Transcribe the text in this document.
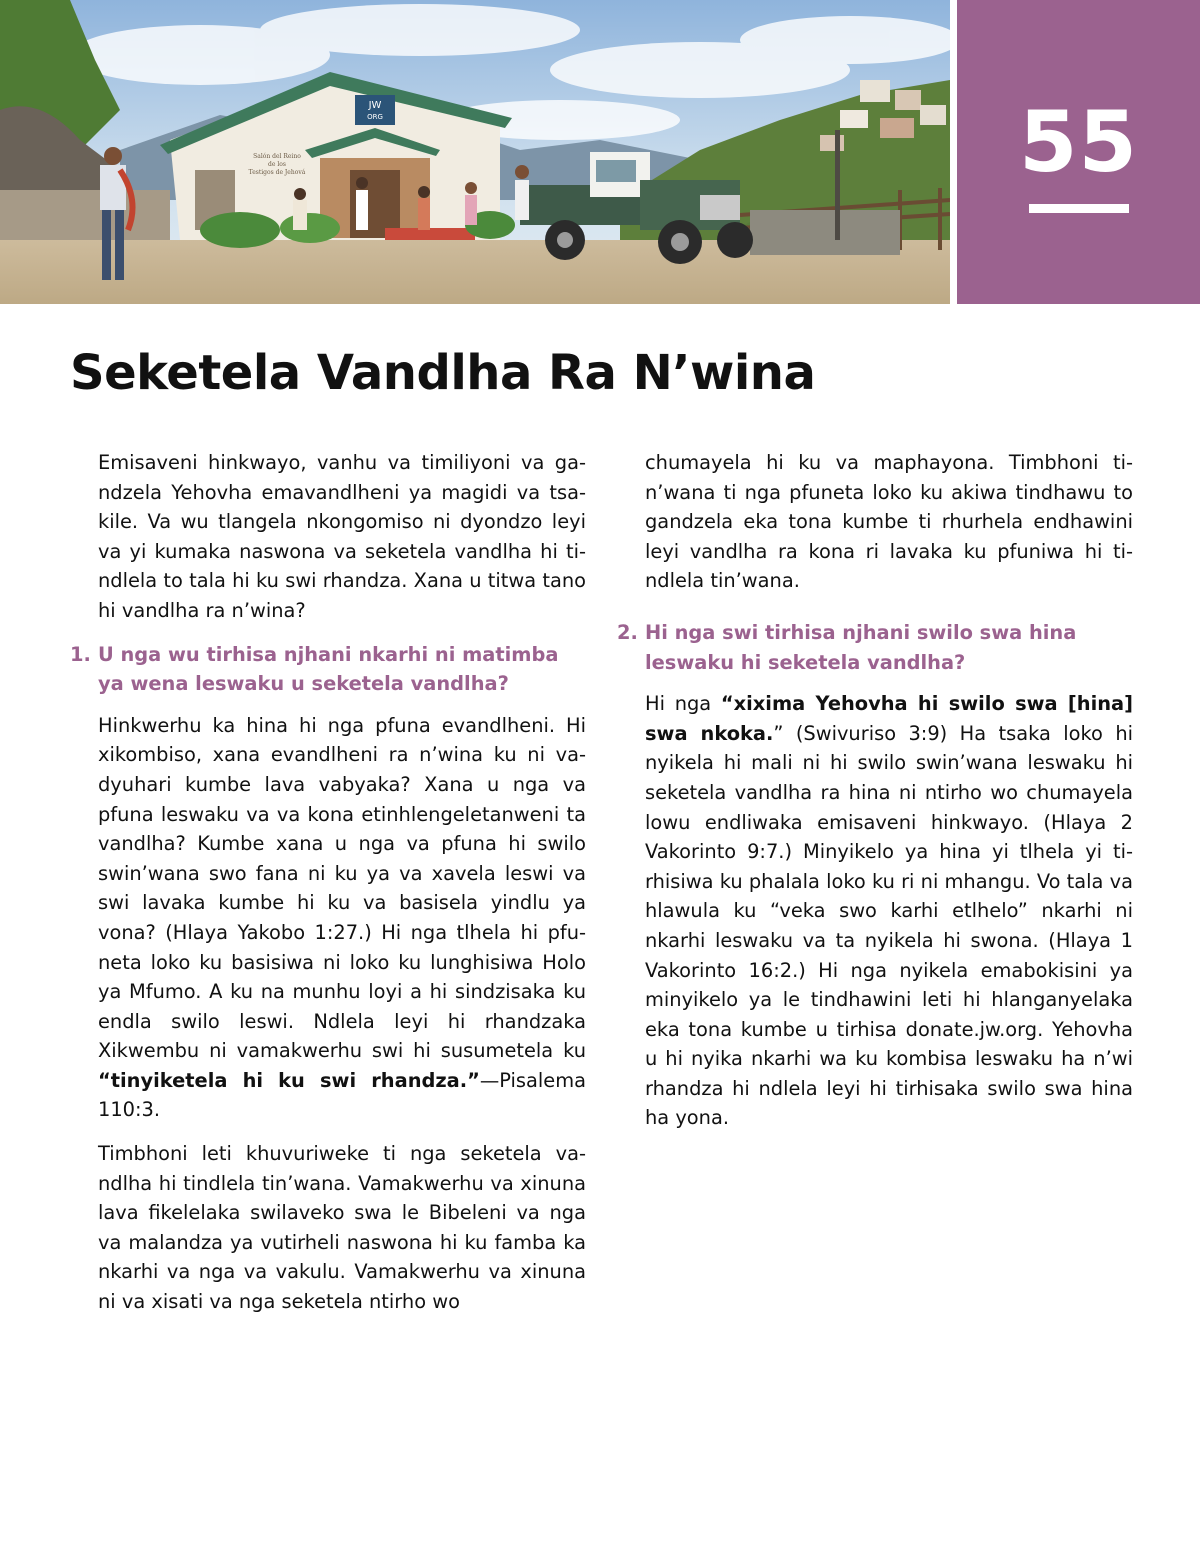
JW
ORG
Salón del Reino
de los
Testigos de Jehová	55
Seketela Vandlha Ra N’wina

Emisaveni hinkwayo, vanhu va timiliyoni va gandzela Yehovha emavandlheni ya magidi va tsakile. Va wu tlangela nkongomiso ni dyondzo leyi va yi kumaka naswona va seketela vandlha hi tindlela to tala hi ku swi rhandza. Xana u titwa tano hi vandlha ra n’wina?

1. U nga wu tirhisa njhani nkarhi ni matimba ya wena leswaku u seketela vandlha?

Hinkwerhu ka hina hi nga pfuna evandlheni. Hi xikombiso, xana evandlheni ra n’wina ku ni vadyuhari kumbe lava vabyaka? Xana u nga va pfuna leswaku va va kona etinhlengeletanweni ta vandlha? Kumbe xana u nga va pfuna hi swilo swin’wana swo fana ni ku ya va xavela leswi va swi lavaka kumbe hi ku va basisela yindlu ya vona? (Hlaya Yakobo 1:27.) Hi nga tlhela hi pfuneta loko ku basisiwa ni loko ku lunghisiwa Holo ya Mfumo. A ku na munhu loyi a hi sindzisaka ku endla swilo leswi. Ndlela leyi hi rhandzaka Xikwembu ni vamakwerhu swi hi susumetela ku “tinyiketela hi ku swi rhandza.”—Pisalema 110:3.

Timbhoni leti khuvuriweke ti nga seketela vandlha hi tindlela tin’wana. Vamakwerhu va xinuna lava fikelelaka swilaveko swa le Bibeleni va nga va malandza ya vutirheli naswona hi ku famba ka nkarhi va nga va vakulu. Vamakwerhu va xinuna ni va xisati va nga seketela ntirho wo

chumayela hi ku va maphayona. Timbhoni tin’wana ti nga pfuneta loko ku akiwa tindhawu to gandzela eka tona kumbe ti rhurhela endhawini leyi vandlha ra kona ri lavaka ku pfuniwa hi tindlela tin’wana.

2. Hi nga swi tirhisa njhani swilo swa hina leswaku hi seketela vandlha?

Hi nga “xixima Yehovha hi swilo swa [hina] swa nkoka.” (Swivuriso 3:9) Ha tsaka loko hi nyikela hi mali ni hi swilo swin’wana leswaku hi seketela vandlha ra hina ni ntirho wo chumayela lowu endliwaka emisaveni hinkwayo. (Hlaya 2 Vakorinto 9:7.) Minyikelo ya hina yi tlhela yi tirhisiwa ku phalala loko ku ri ni mhangu. Vo tala va hlawula ku “veka swo karhi etlhelo” nkarhi ni nkarhi leswaku va ta nyikela hi swona. (Hlaya 1 Vakorinto 16:2.) Hi nga nyikela emabokisini ya minyikelo ya le tindhawini leti hi hlanganyelaka eka tona kumbe u tirhisa donate.jw.org. Yehovha u hi nyika nkarhi wa ku kombisa leswaku ha n’wi rhandza hi ndlela leyi hi tirhisaka swilo swa hina ha yona.
